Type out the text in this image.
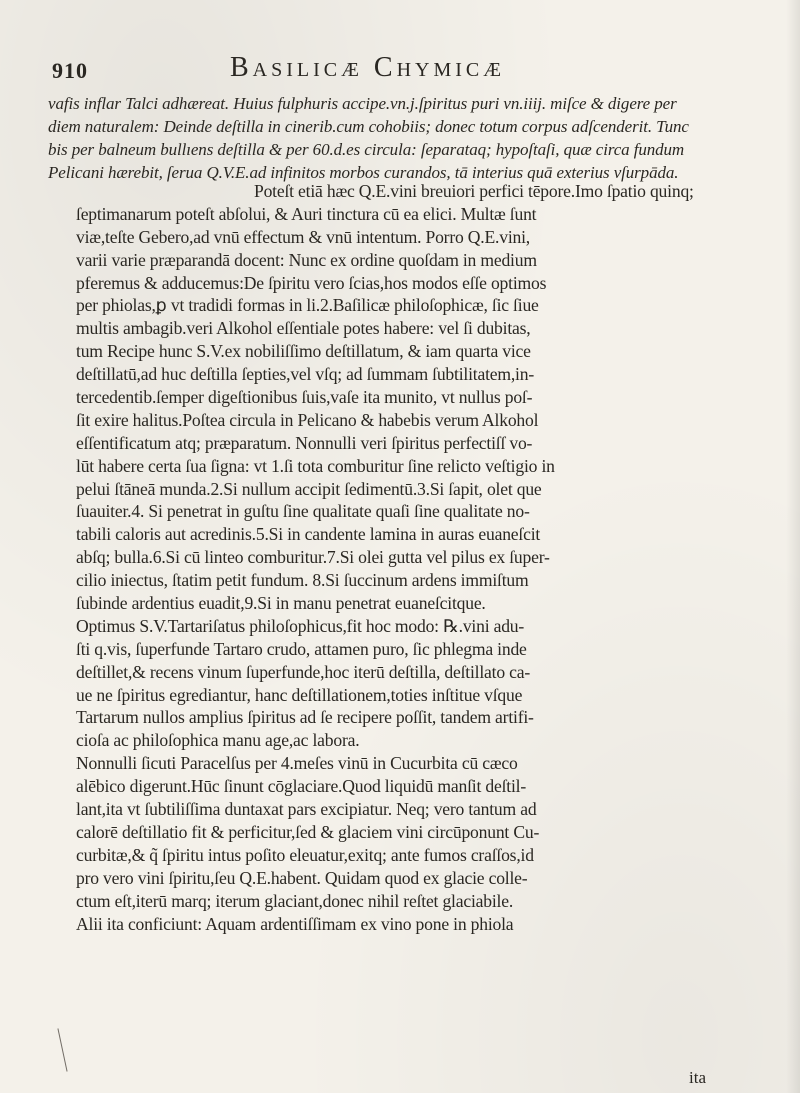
910	Basilicæ Chymicæ
vafis inflar Talci adhæreat. Huius fulphuris accipe.vn.j.ſpiritus puri vn.iiij. miſce & digere per
diem naturalem: Deinde deſtilla in cinerib.cum cohobiis; donec totum corpus adſcenderit. Tunc
bis per balneum bullıens deſtilla & per 60.d.es circula: ſeparataq; hypoſtaſi, quæ circa fundum
Pelicani hærebit, ſerua Q.V.E.ad infinitos morbos curandos, tā interius quā exterius vſurpāda.
Poteſt etiā hæc Q.E.vini breuiori perfici tēpore.Imo ſpatio quinq;
ſeptimanarum poteſt abſolui, & Auri tinctura cū ea elici. Multæ ſunt
viæ,teſte Gebero,ad vnū effectum & vnū intentum. Porro Q.E.vini,
varii varie præparandā docent: Nunc ex ordine quoſdam in medium
pferemus & adducemus:De ſpiritu vero ſcias,hos modos eſſe optimos
per phiolas,ꝑ vt tradidi formas in li.2.Baſilicæ philoſophicæ, ſic ſiue
multis ambagib.veri Alkohol eſſentiale potes habere: vel ſi dubitas,
tum Recipe hunc S.V.ex nobiliſſimo deſtillatum, & iam quarta vice
deſtillatū,ad huc deſtilla ſepties,vel vſq; ad ſummam ſubtilitatem,in-
tercedentib.ſemper digeſtionibus ſuis,vaſe ita munito, vt nullus poſ-
ſit exire halitus.Poſtea circula in Pelicano & habebis verum Alkohol
eſſentificatum atq; præparatum. Nonnulli veri ſpiritus perfectiſſ vo-
lūt habere certa ſua ſigna: vt 1.ſi tota comburitur ſine relicto veſtigio in
pelui ſtāneā munda.2.Si nullum accipit ſedimentū.3.Si ſapit, olet que
ſuauiter.4. Si penetrat in guſtu ſine qualitate quaſi ſine qualitate no-
tabili caloris aut acredinis.5.Si in candente lamina in auras euaneſcit
abſq; bulla.6.Si cū linteo comburitur.7.Si olei gutta vel pilus ex ſuper-
cilio iniectus, ſtatim petit fundum. 8.Si ſuccinum ardens immiſtum
ſubinde ardentius euadit,9.Si in manu penetrat euaneſcitque.
Optimus S.V.Tartariſatus philoſophicus,fit hoc modo: ℞.vini adu-
ſti q.vis, ſuperfunde Tartaro crudo, attamen puro, ſic phlegma inde
deſtillet,& recens vinum ſuperfunde,hoc iterū deſtilla, deſtillato ca-
ue ne ſpiritus egrediantur, hanc deſtillationem,toties inſtitue vſque
Tartarum nullos amplius ſpiritus ad ſe recipere poſſit, tandem artifi-
cioſa ac philoſophica manu age,ac labora.
Nonnulli ſicuti Paracelſus per 4.meſes vinū in Cucurbita cū cæco
alēbico digerunt.Hūc ſinunt cōglaciare.Quod liquidū manſit deſtil-
lant,ita vt ſubtiliſſima duntaxat pars excipiatur. Neq; vero tantum ad
calorē deſtillatio fit & perficitur,ſed & glaciem vini circūponunt Cu-
curbitæ,& q̃ ſpiritu intus poſito eleuatur,exitq; ante fumos craſſos,id
pro vero vini ſpiritu,ſeu Q.E.habent. Quidam quod ex glacie colle-
ctum eſt,iterū marq; iterum glaciant,donec nihil reſtet glaciabile.
Alii ita conficiunt: Aquam ardentiſſimam ex vino pone in phiola
ita
